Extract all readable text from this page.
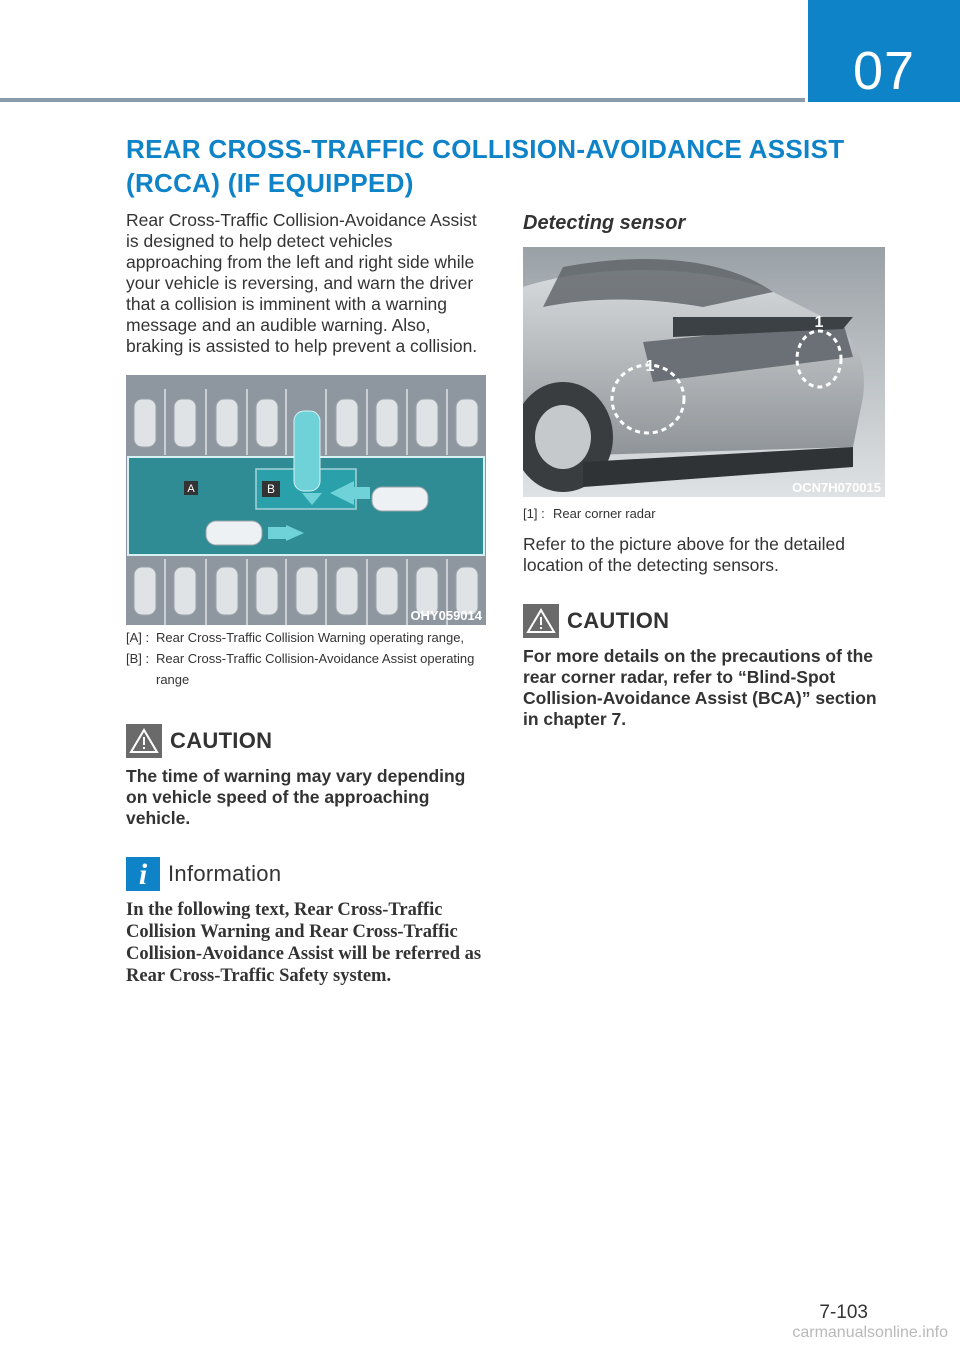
07
REAR CROSS-TRAFFIC COLLISION-AVOIDANCE ASSIST (RCCA) (IF EQUIPPED)

Rear Cross-Traffic Collision-Avoidance Assist is designed to help detect vehicles approaching from the left and right side while your vehicle is reversing, and warn the driver that a collision is imminent with a warning message and an audible warning. Also, braking is assisted to help prevent a collision.

A	B
OHY059014
[A] : Rear Cross-Traffic Collision Warning operating range,
[B] : Rear Cross-Traffic Collision-Avoidance Assist operating range
CAUTION
The time of warning may vary depending on vehicle speed of the approaching vehicle.
i Information
In the following text, Rear Cross-Traffic Collision Warning and Rear Cross-Traffic Collision-Avoidance Assist will be referred as Rear Cross-Traffic Safety system.
Detecting sensor
1
1
OCN7H070015
[1] : Rear corner radar

Refer to the picture above for the detailed location of the detecting sensors.

CAUTION
For more details on the precautions of the rear corner radar, refer to “Blind-Spot Collision-Avoidance Assist (BCA)” section in chapter 7.
7-103
carmanualsonline.info
